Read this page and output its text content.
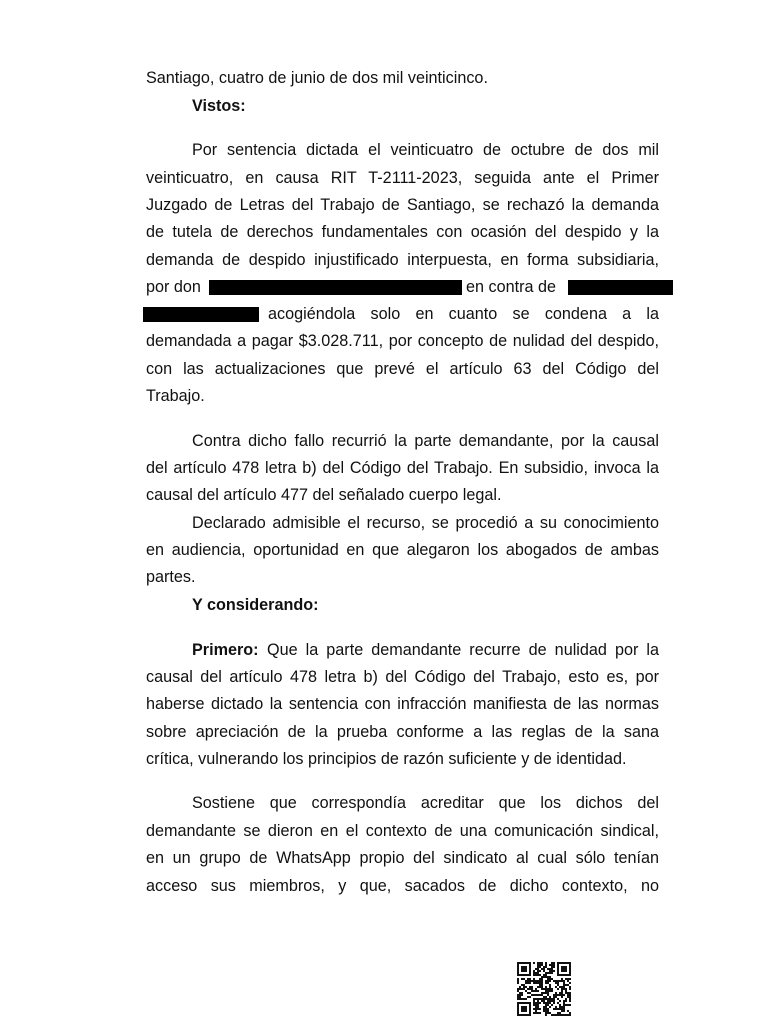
Santiago, cuatro de junio de dos mil veinticinco.
Vistos:
Por sentencia dictada el veinticuatro de octubre de dos mil
veinticuatro, en causa RIT T-2111-2023, seguida ante el Primer
Juzgado de Letras del Trabajo de Santiago, se rechazó la demanda
de tutela de derechos fundamentales con ocasión del despido y la
demanda de despido injustificado interpuesta, en forma subsidiaria,
por don	en contra de
acogiéndola solo en cuanto se condena a la
demandada a pagar $3.028.711, por concepto de nulidad del despido,
con las actualizaciones que prevé el artículo 63 del Código del
Trabajo.
Contra dicho fallo recurrió la parte demandante, por la causal
del artículo 478 letra b) del Código del Trabajo. En subsidio, invoca la
causal del artículo 477 del señalado cuerpo legal.
Declarado admisible el recurso, se procedió a su conocimiento
en audiencia, oportunidad en que alegaron los abogados de ambas
partes.
Y considerando:
Primero: Que la parte demandante recurre de nulidad por la
causal del artículo 478 letra b) del Código del Trabajo, esto es, por
haberse dictado la sentencia con infracción manifiesta de las normas
sobre apreciación de la prueba conforme a las reglas de la sana
crítica, vulnerando los principios de razón suficiente y de identidad.
Sostiene que correspondía acreditar que los dichos del
demandante se dieron en el contexto de una comunicación sindical,
en un grupo de WhatsApp propio del sindicato al cual sólo tenían
acceso sus miembros, y que, sacados de dicho contexto, no
